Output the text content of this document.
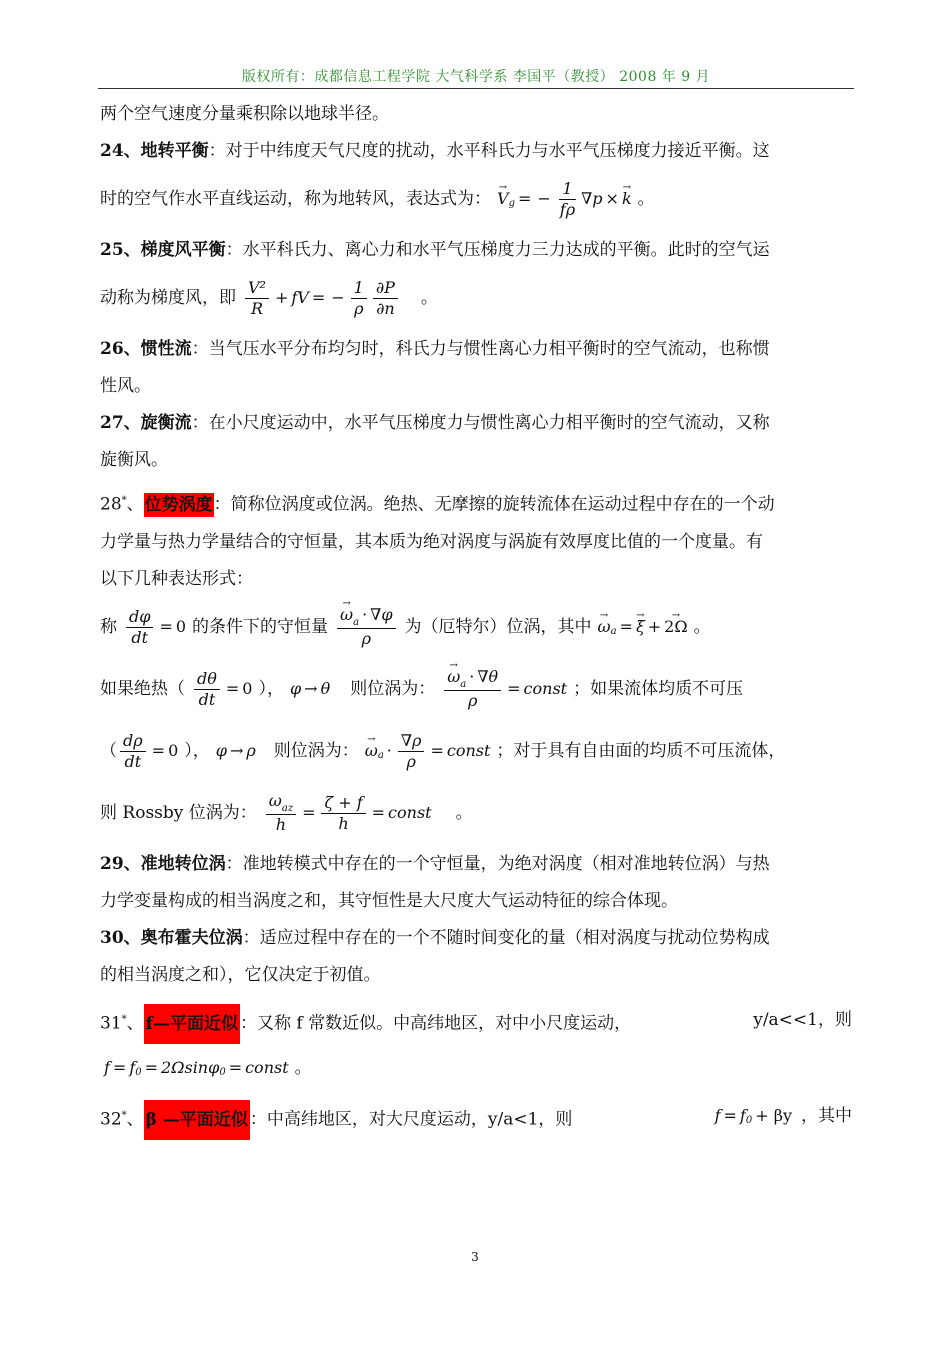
版权所有：成都信息工程学院 大气科学系 李国平（教授） 2008 年 9 月
两个空气速度分量乘积除以地球半径。
24、地转平衡：对于中纬度天气尺度的扰动，水平科氏力与水平气压梯度力接近平衡。这
时的空气作水平直线运动，称为地转风，表达式为： → V g = − $\frac{1}{f\rho} \nabla p$ × → k 。
25、梯度风平衡：水平科氏力、离心力和水平气压梯度力三力达成的平衡。此时的空气运
动称为梯度风，即 $\frac{\text{V²}}{R}$ + fV = − $\frac{1}{\rho} \frac{\partial P}{\partial n}$ 。
26、惯性流：当气压水平分布均匀时，科氏力与惯性离心力相平衡时的空气流动，也称惯
性风。
27、旋衡流：在小尺度运动中，水平气压梯度力与惯性离心力相平衡时的空气流动，又称
旋衡风。
28*、位势涡度：简称位涡度或位涡。绝热、无摩擦的旋转流体在运动过程中存在的一个动
力学量与热力学量结合的守恒量，其本质为绝对涡度与涡旋有效厚度比值的一个度量。有
以下几种表达形式：
称 $\frac{d\varphi}{dt} = 0$ 的条件下的守恒量 → $\frac{\omega_a \cdot \nabla\varphi}{\rho}$ 为（厄特尔）位涡，其中 → ω a = → ξ + → 2Ω 。
如果绝热（ $\frac{d\theta}{dt} = 0$ ）， φ → θ 则位涡为： → $\frac{\omega_a \cdot \nabla\theta}{\rho}$ = const ；如果流体均质不可压
（ $\frac{d\rho}{dt} = 0$ ）， φ → ρ 则位涡为： → ω $a \cdot \frac{\nabla\rho}{\rho}$ = const ；对于具有自由面的均质不可压流体，
则 Rossby 位涡为： $\frac{\omega_{az}}{h} = \frac{\zeta + f}{h}$ = const 。
29、准地转位涡：准地转模式中存在的一个守恒量，为绝对涡度（相对准地转位涡）与热
力学变量构成的相当涡度之和，其守恒性是大尺度大气运动特征的综合体现。
30、奥布霍夫位涡：适应过程中存在的一个不随时间变化的量（相对涡度与扰动位势构成
的相当涡度之和），它仅决定于初值。
31*、 f—平面近似 ：又称 f 常数近似。中高纬地区，对中小尺度运动，	y/a<<1，则
f = f 0 = 2Ωsinφ 0 = const 。
32*、 β —平面近似 ：中高纬地区，对大尺度运动，y/a<1，则	f = f 0 + βy ，其中
3
